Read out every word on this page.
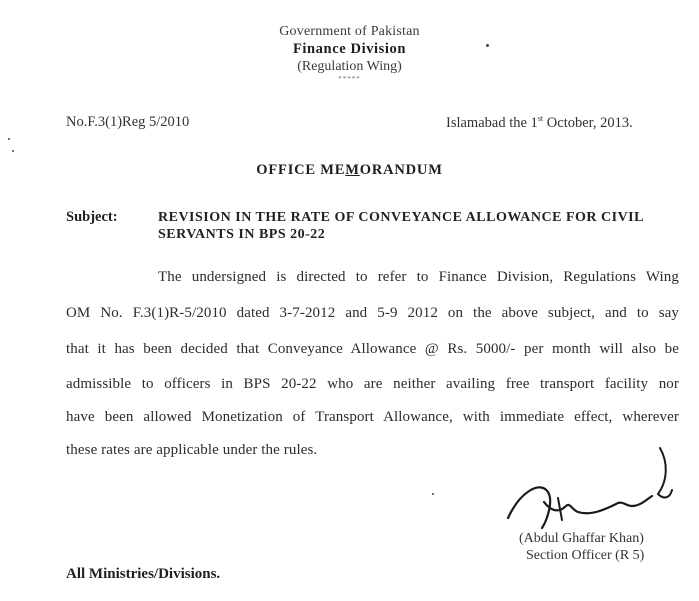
Government of Pakistan
Finance Division
(Regulation Wing)
*****
No.F.3(1)Reg 5/2010	Islamabad the 1st October, 2013.
OFFICE MEMORANDUM
Subject:	REVISION IN THE RATE OF CONVEYANCE ALLOWANCE FOR CIVIL SERVANTS IN BPS 20-22
The undersigned is directed to refer to Finance Division, Regulations Wing
OM No. F.3(1)R-5/2010 dated 3-7-2012 and 5-9 2012 on the above subject, and to say
that it has been decided that Conveyance Allowance @ Rs. 5000/- per month will also be
admissible to officers in BPS 20-22 who are neither availing free transport facility nor
have been allowed Monetization of Transport Allowance, with immediate effect, wherever
these rates are applicable under the rules.
(Abdul Ghaffar Khan)
Section Officer (R 5)
All Ministries/Divisions.
